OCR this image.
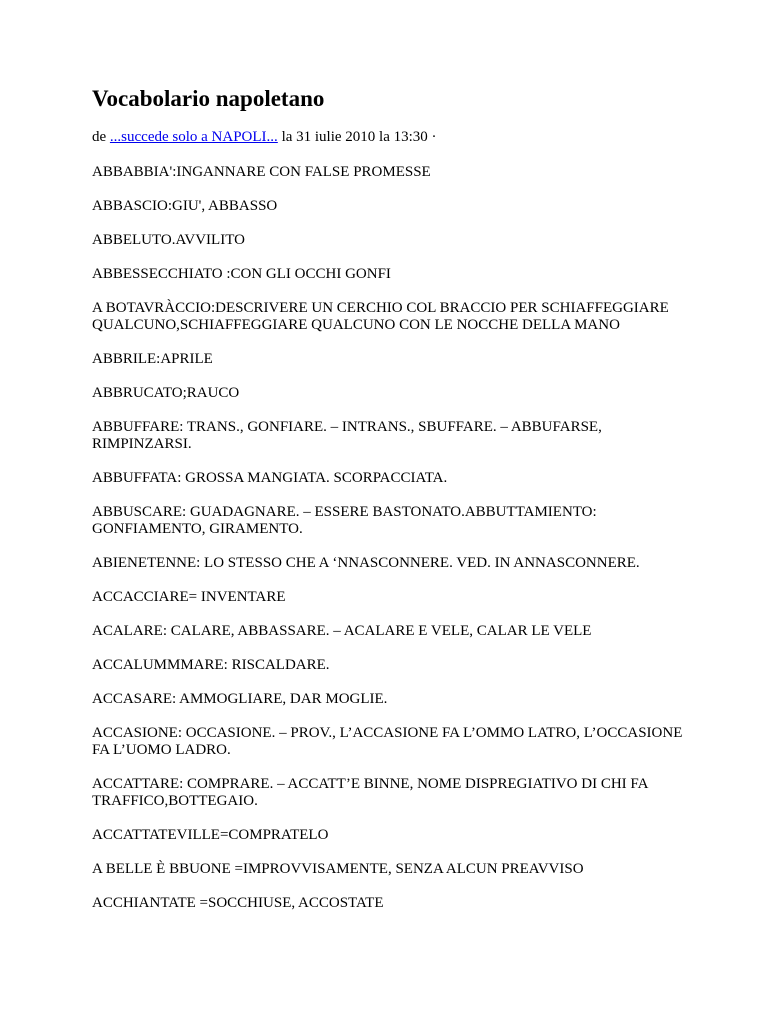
Vocabolario napoletano

de ...succede solo a NAPOLI... la 31 iulie 2010 la 13:30 ·

ABBABBIA':INGANNARE CON FALSE PROMESSE

ABBASCIO:GIU', ABBASSO

ABBELUTO.AVVILITO

ABBESSECCHIATO :CON GLI OCCHI GONFI

A BOTAVRÀCCIO:DESCRIVERE UN CERCHIO COL BRACCIO PER SCHIAFFEGGIARE QUALCUNO,SCHIAFFEGGIARE QUALCUNO CON LE NOCCHE DELLA MANO

ABBRILE:APRILE

ABBRUCATO;RAUCO

ABBUFFARE: TRANS., GONFIARE. – INTRANS., SBUFFARE. – ABBUFARSE, RIMPINZARSI.

ABBUFFATA: GROSSA MANGIATA. SCORPACCIATA.

ABBUSCARE: GUADAGNARE. – ESSERE BASTONATO.ABBUTTAMIENTO: GONFIAMENTO, GIRAMENTO.

ABIENETENNE: LO STESSO CHE A ‘NNASCONNERE. VED. IN ANNASCONNERE.

ACCACCIARE= INVENTARE

ACALARE: CALARE, ABBASSARE. – ACALARE E VELE, CALAR LE VELE

ACCALUMMMARE: RISCALDARE.

ACCASARE: AMMOGLIARE, DAR MOGLIE.

ACCASIONE: OCCASIONE. – PROV., L’ACCASIONE FA L’OMMO LATRO, L’OCCASIONE FA L’UOMO LADRO.

ACCATTARE: COMPRARE. – ACCATT’E BINNE, NOME DISPREGIATIVO DI CHI FA TRAFFICO,BOTTEGAIO.

ACCATTATEVILLE=COMPRATELO

A BELLE È BBUONE =IMPROVVISAMENTE, SENZA ALCUN PREAVVISO

ACCHIANTATE =SOCCHIUSE, ACCOSTATE
